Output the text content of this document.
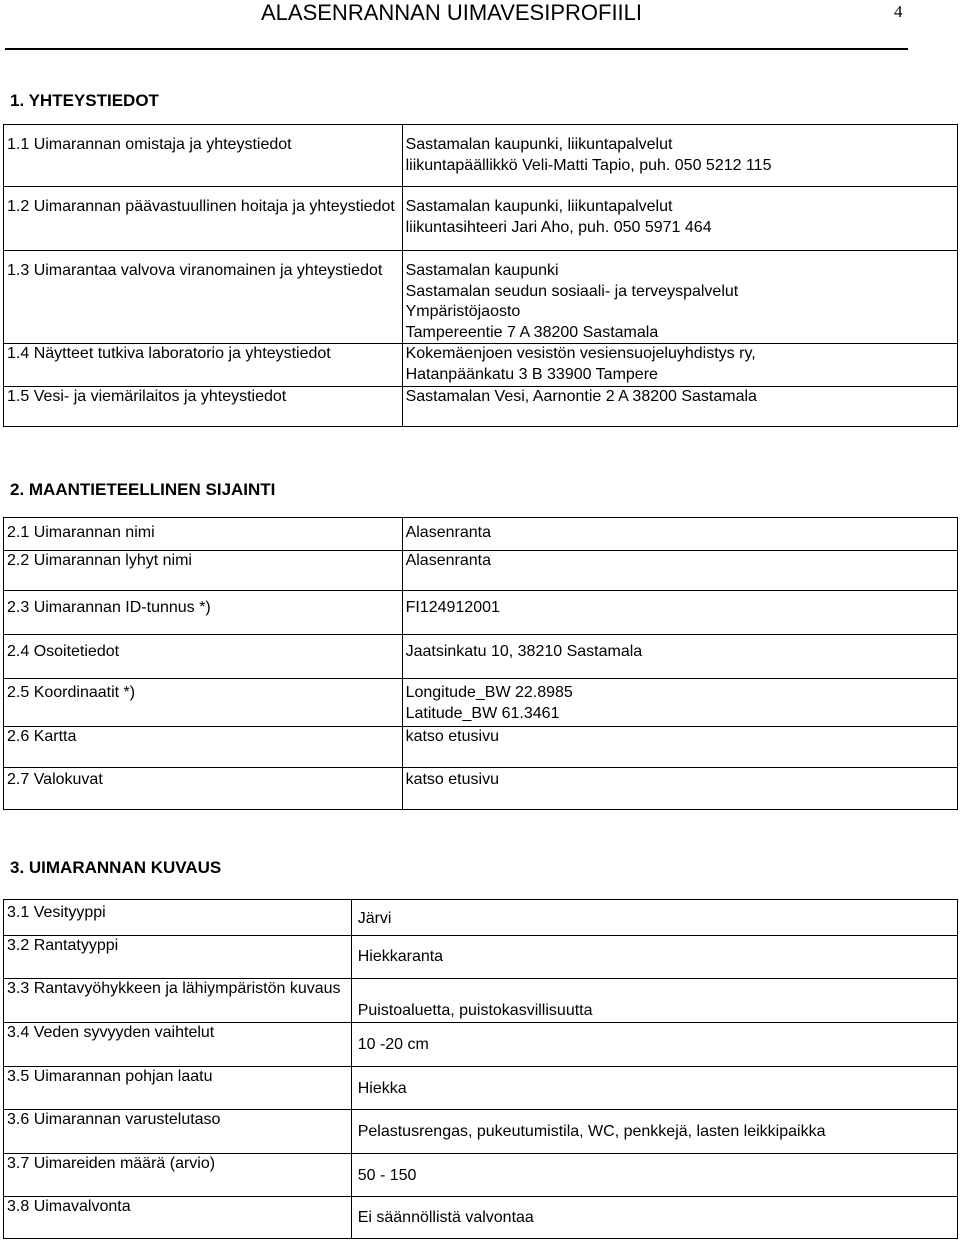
ALASENRANNAN UIMAVESIPROFIILI	4
1. YHTEYSTIEDOT
1.1 Uimarannan omistaja ja yhteystiedot	Sastamalan kaupunki, liikuntapalvelut
liikuntapäällikkö Veli-Matti Tapio, puh. 050 5212 115

1.2 Uimarannan päävastuullinen hoitaja ja yhteystiedot	Sastamalan kaupunki, liikuntapalvelut
liikuntasihteeri Jari Aho, puh. 050 5971 464

1.3 Uimarantaa valvova viranomainen ja yhteystiedot	Sastamalan kaupunki
Sastamalan seudun sosiaali- ja terveyspalvelut
Ympäristöjaosto
Tampereentie 7 A 38200 Sastamala

1.4 Näytteet tutkiva laboratorio ja yhteystiedot	Kokemäenjoen vesistön vesiensuojeluyhdistys ry,
Hatanpäänkatu 3 B 33900 Tampere

1.5 Vesi- ja viemärilaitos ja yhteystiedot	Sastamalan Vesi, Aarnontie 2 A 38200 Sastamala
2. MAANTIETEELLINEN SIJAINTI
2.1 Uimarannan nimi	Alasenranta

2.2 Uimarannan lyhyt nimi	Alasenranta

2.3 Uimarannan ID-tunnus *)	FI124912001

2.4 Osoitetiedot	Jaatsinkatu 10, 38210 Sastamala

2.5 Koordinaatit *)	Longitude_BW 22.8985
Latitude_BW 61.3461

2.6 Kartta	katso etusivu

2.7 Valokuvat	katso etusivu
3. UIMARANNAN KUVAUS
3.1 Vesityyppi	Järvi
3.2 Rantatyyppi	Hiekkaranta
3.3 Rantavyöhykkeen ja lähiympäristön kuvaus	Puistoaluetta, puistokasvillisuutta
3.4 Veden syvyyden vaihtelut	10 -20 cm
3.5 Uimarannan pohjan laatu	Hiekka
3.6 Uimarannan varustelutaso	Pelastusrengas, pukeutumistila, WC, penkkejä, lasten leikkipaikka
3.7 Uimareiden määrä (arvio)	50 - 150
3.8 Uimavalvonta	Ei säännöllistä valvontaa
